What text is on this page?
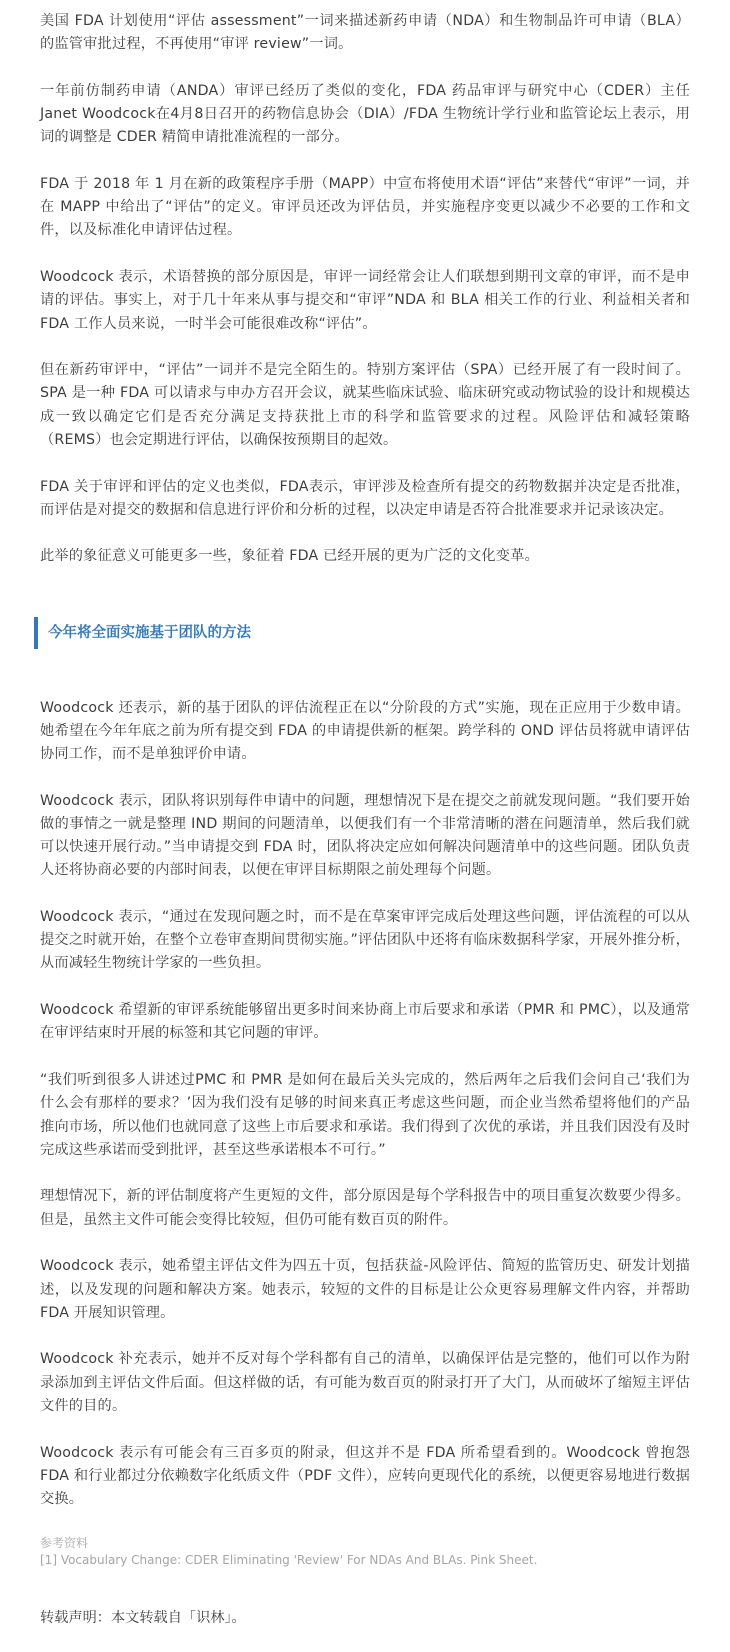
美国 FDA 计划使用“评估 assessment”一词来描述新药申请（NDA）和生物制品许可申请（BLA）的监管审批过程，不再使用“审评 review”一词。

一年前仿制药申请（ANDA）审评已经历了类似的变化，FDA 药品审评与研究中心（CDER）主任Janet Woodcock在4月8日召开的药物信息协会（DIA）/FDA 生物统计学行业和监管论坛上表示，用词的调整是 CDER 精简申请批准流程的一部分。

FDA 于 2018 年 1 月在新的政策程序手册（MAPP）中宣布将使用术语“评估”来替代“审评”一词，并在 MAPP 中给出了“评估”的定义。审评员还改为评估员，并实施程序变更以减少不必要的工作和文件，以及标准化申请评估过程。

Woodcock 表示，术语替换的部分原因是，审评一词经常会让人们联想到期刊文章的审评，而不是申请的评估。事实上，对于几十年来从事与提交和“审评”NDA 和 BLA 相关工作的行业、利益相关者和 FDA 工作人员来说，一时半会可能很难改称“评估”。

但在新药审评中，“评估”一词并不是完全陌生的。特别方案评估（SPA）已经开展了有一段时间了。SPA 是一种 FDA 可以请求与申办方召开会议，就某些临床试验、临床研究或动物试验的设计和规模达成一致以确定它们是否充分满足支持获批上市的科学和监管要求的过程。风险评估和减轻策略（REMS）也会定期进行评估，以确保按预期目的起效。

FDA 关于审评和评估的定义也类似，FDA表示，审评涉及检查所有提交的药物数据并决定是否批准，而评估是对提交的数据和信息进行评价和分析的过程，以决定申请是否符合批准要求并记录该决定。

此举的象征意义可能更多一些，象征着 FDA 已经开展的更为广泛的文化变革。

今年将全面实施基于团队的方法

Woodcock 还表示，新的基于团队的评估流程正在以“分阶段的方式”实施，现在正应用于少数申请。她希望在今年年底之前为所有提交到 FDA 的申请提供新的框架。跨学科的 OND 评估员将就申请评估协同工作，而不是单独评价申请。

Woodcock 表示，团队将识别每件申请中的问题，理想情况下是在提交之前就发现问题。“我们要开始做的事情之一就是整理 IND 期间的问题清单，以便我们有一个非常清晰的潜在问题清单，然后我们就可以快速开展行动。”当申请提交到 FDA 时，团队将决定应如何解决问题清单中的这些问题。团队负责人还将协商必要的内部时间表，以便在审评目标期限之前处理每个问题。

Woodcock 表示，“通过在发现问题之时，而不是在草案审评完成后处理这些问题，评估流程的可以从提交之时就开始，在整个立卷审查期间贯彻实施。”评估团队中还将有临床数据科学家，开展外推分析，从而减轻生物统计学家的一些负担。

Woodcock 希望新的审评系统能够留出更多时间来协商上市后要求和承诺（PMR 和 PMC），以及通常在审评结束时开展的标签和其它问题的审评。

“我们听到很多人讲述过PMC 和 PMR 是如何在最后关头完成的，然后两年之后我们会问自己‘我们为什么会有那样的要求？’因为我们没有足够的时间来真正考虑这些问题，而企业当然希望将他们的产品推向市场，所以他们也就同意了这些上市后要求和承诺。我们得到了次优的承诺，并且我们因没有及时完成这些承诺而受到批评，甚至这些承诺根本不可行。”

理想情况下，新的评估制度将产生更短的文件，部分原因是每个学科报告中的项目重复次数要少得多。但是，虽然主文件可能会变得比较短，但仍可能有数百页的附件。

Woodcock 表示，她希望主评估文件为四五十页，包括获益-风险评估、简短的监管历史、研发计划描述，以及发现的问题和解决方案。她表示，较短的文件的目标是让公众更容易理解文件内容，并帮助 FDA 开展知识管理。

Woodcock 补充表示，她并不反对每个学科都有自己的清单，以确保评估是完整的，他们可以作为附录添加到主评估文件后面。但这样做的话，有可能为数百页的附录打开了大门，从而破坏了缩短主评估文件的目的。

Woodcock 表示有可能会有三百多页的附录，但这并不是 FDA 所希望看到的。Woodcock 曾抱怨 FDA 和行业都过分依赖数字化纸质文件（PDF 文件），应转向更现代化的系统，以便更容易地进行数据交换。

参考资料
[1] Vocabulary Change: CDER Eliminating 'Review' For NDAs And BLAs. Pink Sheet.
转载声明：本文转载自「识林」。
